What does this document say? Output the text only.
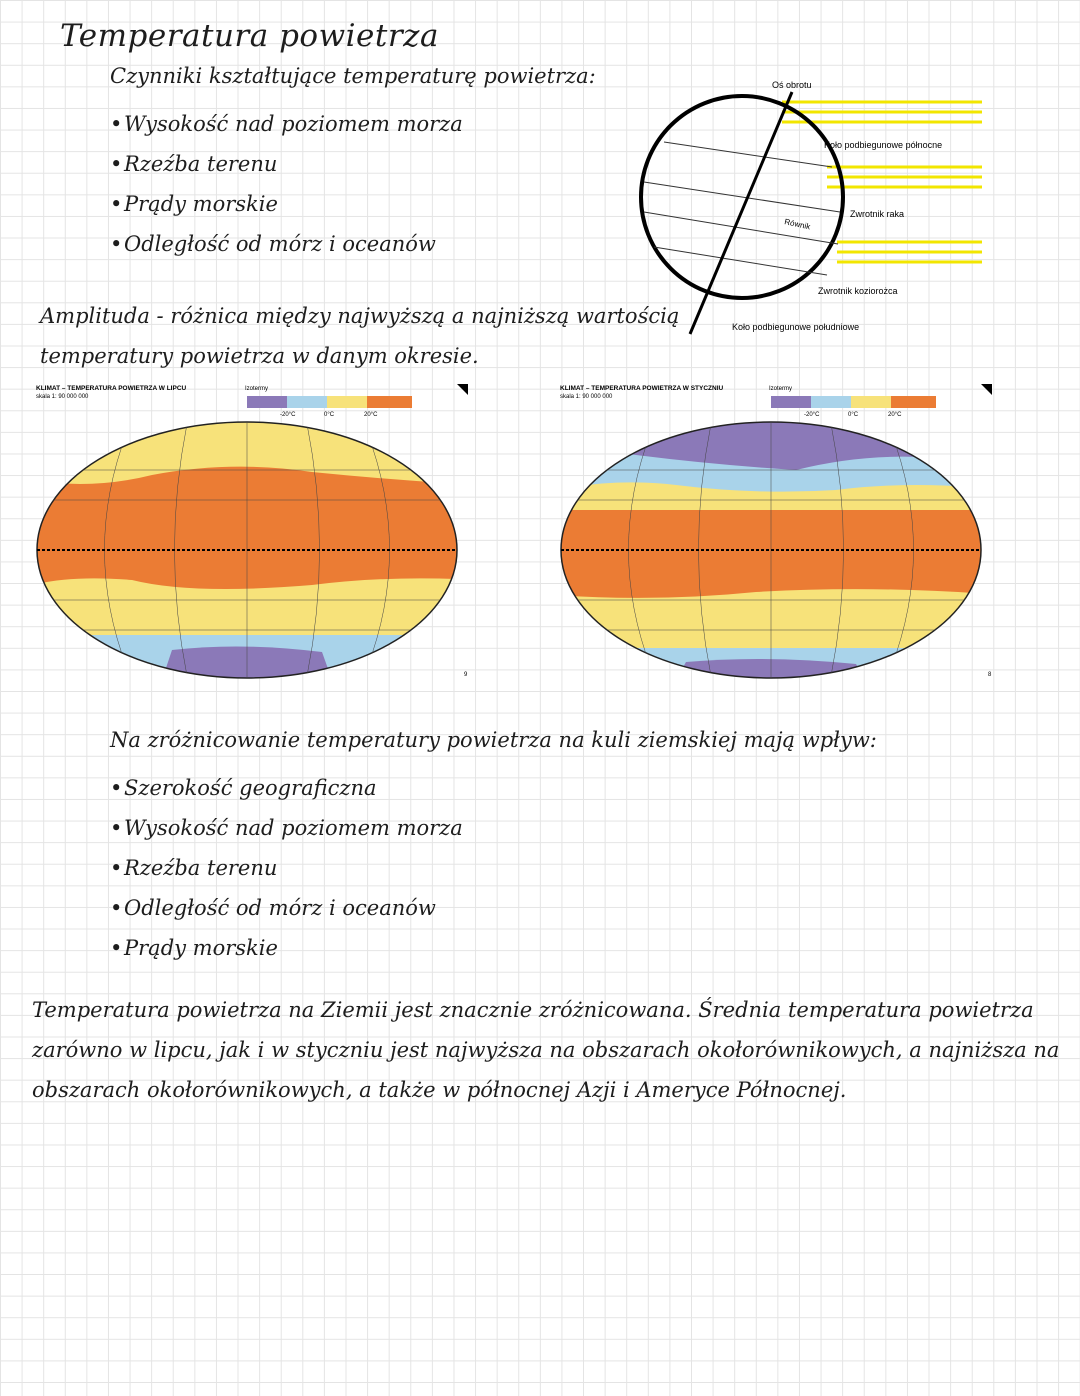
Temperatura powietrza
Czynniki kształtujące temperaturę powietrza:
• Wysokość nad poziomem morza
• Rzeźba terenu
• Prądy morskie
• Odległość od mórz i oceanów
Amplituda - różnica między najwyższą a najniższą wartością temperatury powietrza w danym okresie.
Oś obrotu
Koło podbiegunowe północne
Zwrotnik raka
Równik
Zwrotnik koziorożca
Koło podbiegunowe południowe
KLIMAT – TEMPERATURA POWIETRZA W LIPCU
skala 1: 90 000 000
Izotermy
-20°C	0°C	20°C
9
KLIMAT – TEMPERATURA POWIETRZA W STYCZNIU
skala 1: 90 000 000
Izotermy
-20°C	0°C	20°C
8
Na zróżnicowanie temperatury powietrza na kuli ziemskiej mają wpływ:
• Szerokość geograficzna
• Wysokość nad poziomem morza
• Rzeźba terenu
• Odległość od mórz i oceanów
• Prądy morskie
Temperatura powietrza na Ziemii jest znacznie zróżnicowana. Średnia temperatura powietrza zarówno w lipcu, jak i w styczniu jest najwyższa na obszarach okołorównikowych, a najniższa na obszarach okołorównikowych, a także w północnej Azji i Ameryce Północnej.
